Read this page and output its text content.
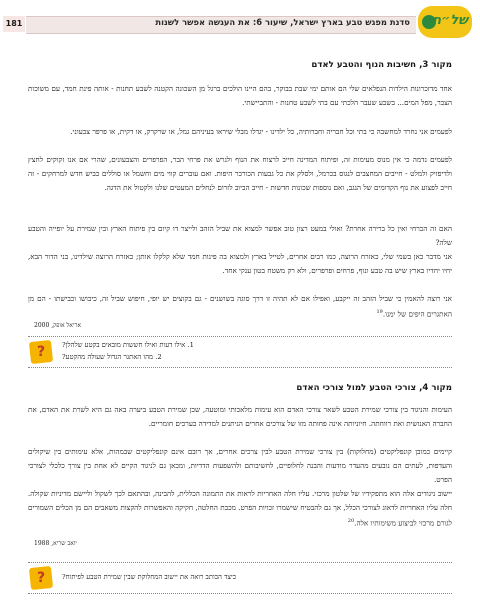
סדנת מפגש טבע בארץ ישראל, שיעור 6: את העגשה אפשר לשנות
181	של״ח
מקור 3, חשיבות הנוף והטבע לאדם

אחד מדזכרונות הילדות הנפלאים שלי הם אותם ימי שבת בבוקר, בהם היינו הולכים ברגל מן השכונה הקטנה לשבע תחנות - אותה פינת חמד, עם משוכות הצבר, מפל המים... בשבע שעבר הלכתי עם בתי לשבע טחנות - והתביישתי.

לפעמים אני נחרד למחשבה כי בתי וכל חבריה וחברותיה, כל ילדינו - יגדלו מבלי שיראו בעיניהם גמל, או שרקרק, או דקית, או פרפר צבעוני.

לפעמים נדמה כי אין מנוס מעימות זה, ופיתוח המדינה חייב לרצוח את הנוף ולגרש את פרחי הבר, הפרפרים והצבעונים, שהרי אם אנו זקוקים לחצץ ולדיפזיק ולמלט - חייבים המחצבים לנגוס בכרמל, ולסלק את כל גבעות הכורכר היפות. ואם עוברים קווי מים וחשמל או סוללים כביש חדש למרחקים - זה חייב לפצוע את נוף הקדומים של הנגב, ואם נוספות שכונות חדשות - חייב הביוב לזרום לנחלים המעטים שלנו ולקטול את הדגה.

האם זה הכרחי ואין כל ברירה אחרת? ואולי במעט רצון טוב אפשר למצוא את שביל הזהב ולייצר דו קיום בין פיתוח הארץ ובין שמירת על יופייה והטבע שלה?

אני מדבר כאן בשמי שלי, כאזרח הרוצה, כמו רבים אחרים, לטייל בארץ ולמצוא בה פינות חמד שלא קלקלו אותן; כאזרח הרוצה שילדינו, בני הדור הבא, יחיו יחדיו בארץ שיש בה טבע ונוף, פרחים ופרפרים, ולא רק משטח בטון ענקי אחד.

אני רוצה להאמין כי שביל הזהב זה ייקבע, ואפילו אם לא תהיה זו דרך סוגה בשושנים - גם בקוצים יש יופי, חיפוש שביל זה, כיבושו וכבישתו - הם מן האתגרים היפים של ימנו.$^{19}$

אריאל אופק, 2000
?	1. אילו דעות ואילו חששות מובאים בקטע שלהלן?
2. מהו האתגר הגדול שעולה מהקטע?
מקור 4, צורכי הטבע למול צורכי האדם

העימות והניגוד בין צורכי שמירת הטבע לשאר צורכי האדם הוא עימות מלאכותי ומוטעה, שכן שמירת הטבע ביערה באה גם היא לשרת את האדם, את החברה האנושית ואת רווחתה. חיוניותה אינה פחותה מזו של צורכים אחרים הניתנים למדידה בערכים חומריים.

קיימים כמובן קונפליקטים (מחלוקות) בין צורכי שמירת הטבע לבין צרכים אחרים, אך רובם אינם קונפליקטים שבמהות, אלא עימותים בין שיקולים והעדפות, לעתים הם נובעים מהעדר מודעות והבנה לחלופיים, לחשיבותם ולהשפעות הדדיות, ומכאן גם לניגוד הקיים לא אחת בין צורך כלכלי לצורכי הפרט.

יישוב ניגודים אלה הוא מתפקידיו של שלטון מרכזי. עליו חלה האחריות לראות את התמונה הכללית, להבינה, ובהתאם לכך לשקול וליישם מדיניות שקולה. חלה עליו האחריות לדאוג לצורכי הכלל, אך גם להבטיח שישמרו זכויות הפרט. מכבת החלטה, חקיקה והאפשרות להקצות משאבים הם מן הכלים השמורים לגורם מרכזי לביצוע משימותיו אלה.$^{20}$

יואב שריא, 1988
?	כיצד הכותב רואה את יישוב המחלוקת שבין שמירת הטבע לפיתוח?
